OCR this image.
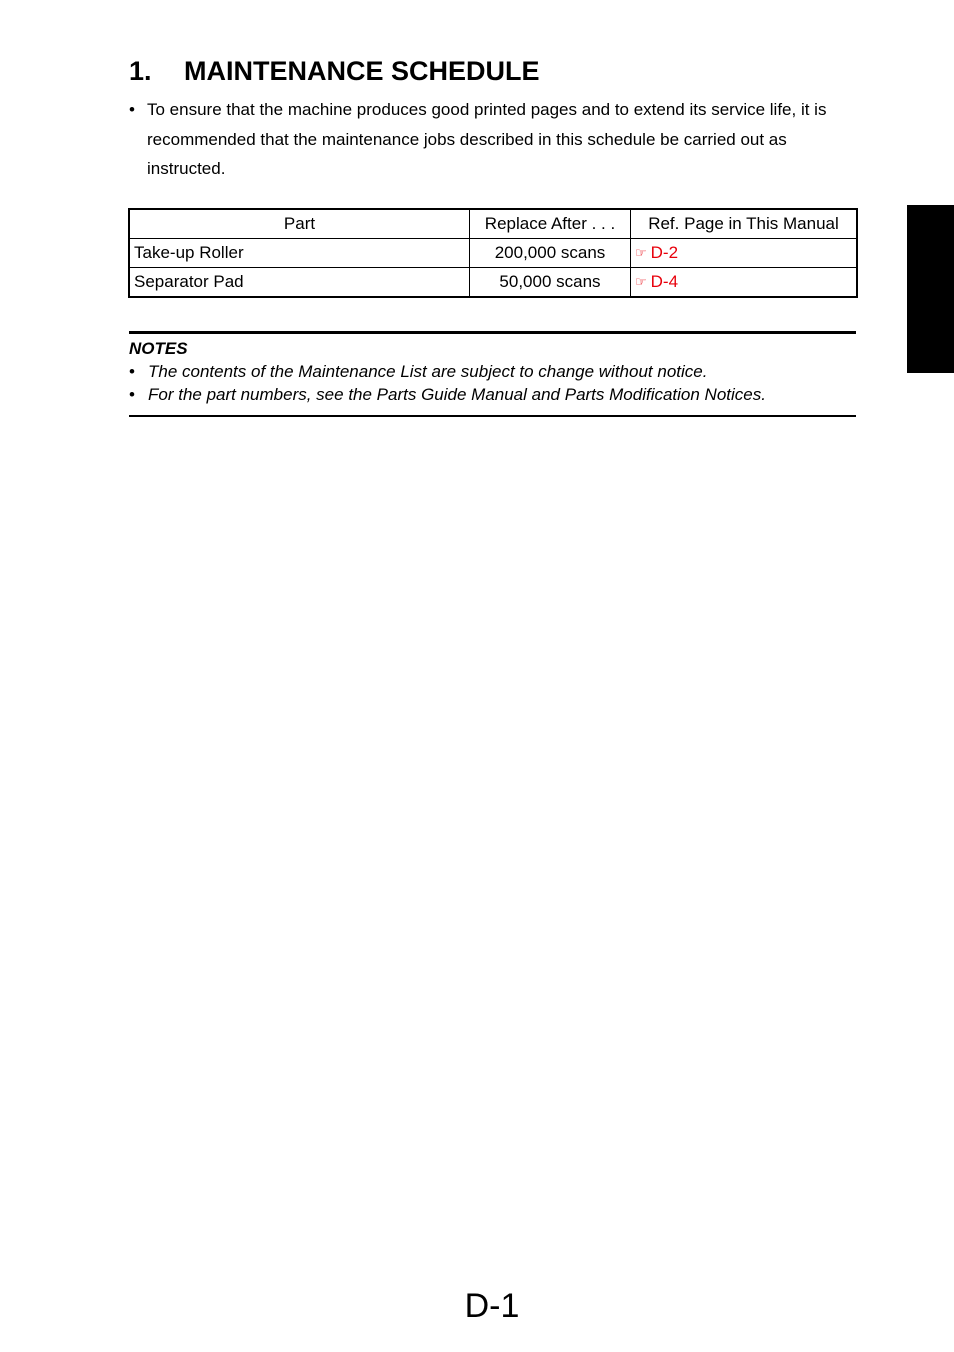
1. MAINTENANCE SCHEDULE
• To ensure that the machine produces good printed pages and to extend its service life, it is recommended that the maintenance jobs described in this schedule be carried out as instructed.
Part	Replace After . . .	Ref. Page in This Manual
Take-up Roller	200,000 scans	☞ D-2
Separator Pad	50,000 scans	☞ D-4

NOTES

• The contents of the Maintenance List are subject to change without notice.
• For the part numbers, see the Parts Guide Manual and Parts Modification Notices.
D-1
